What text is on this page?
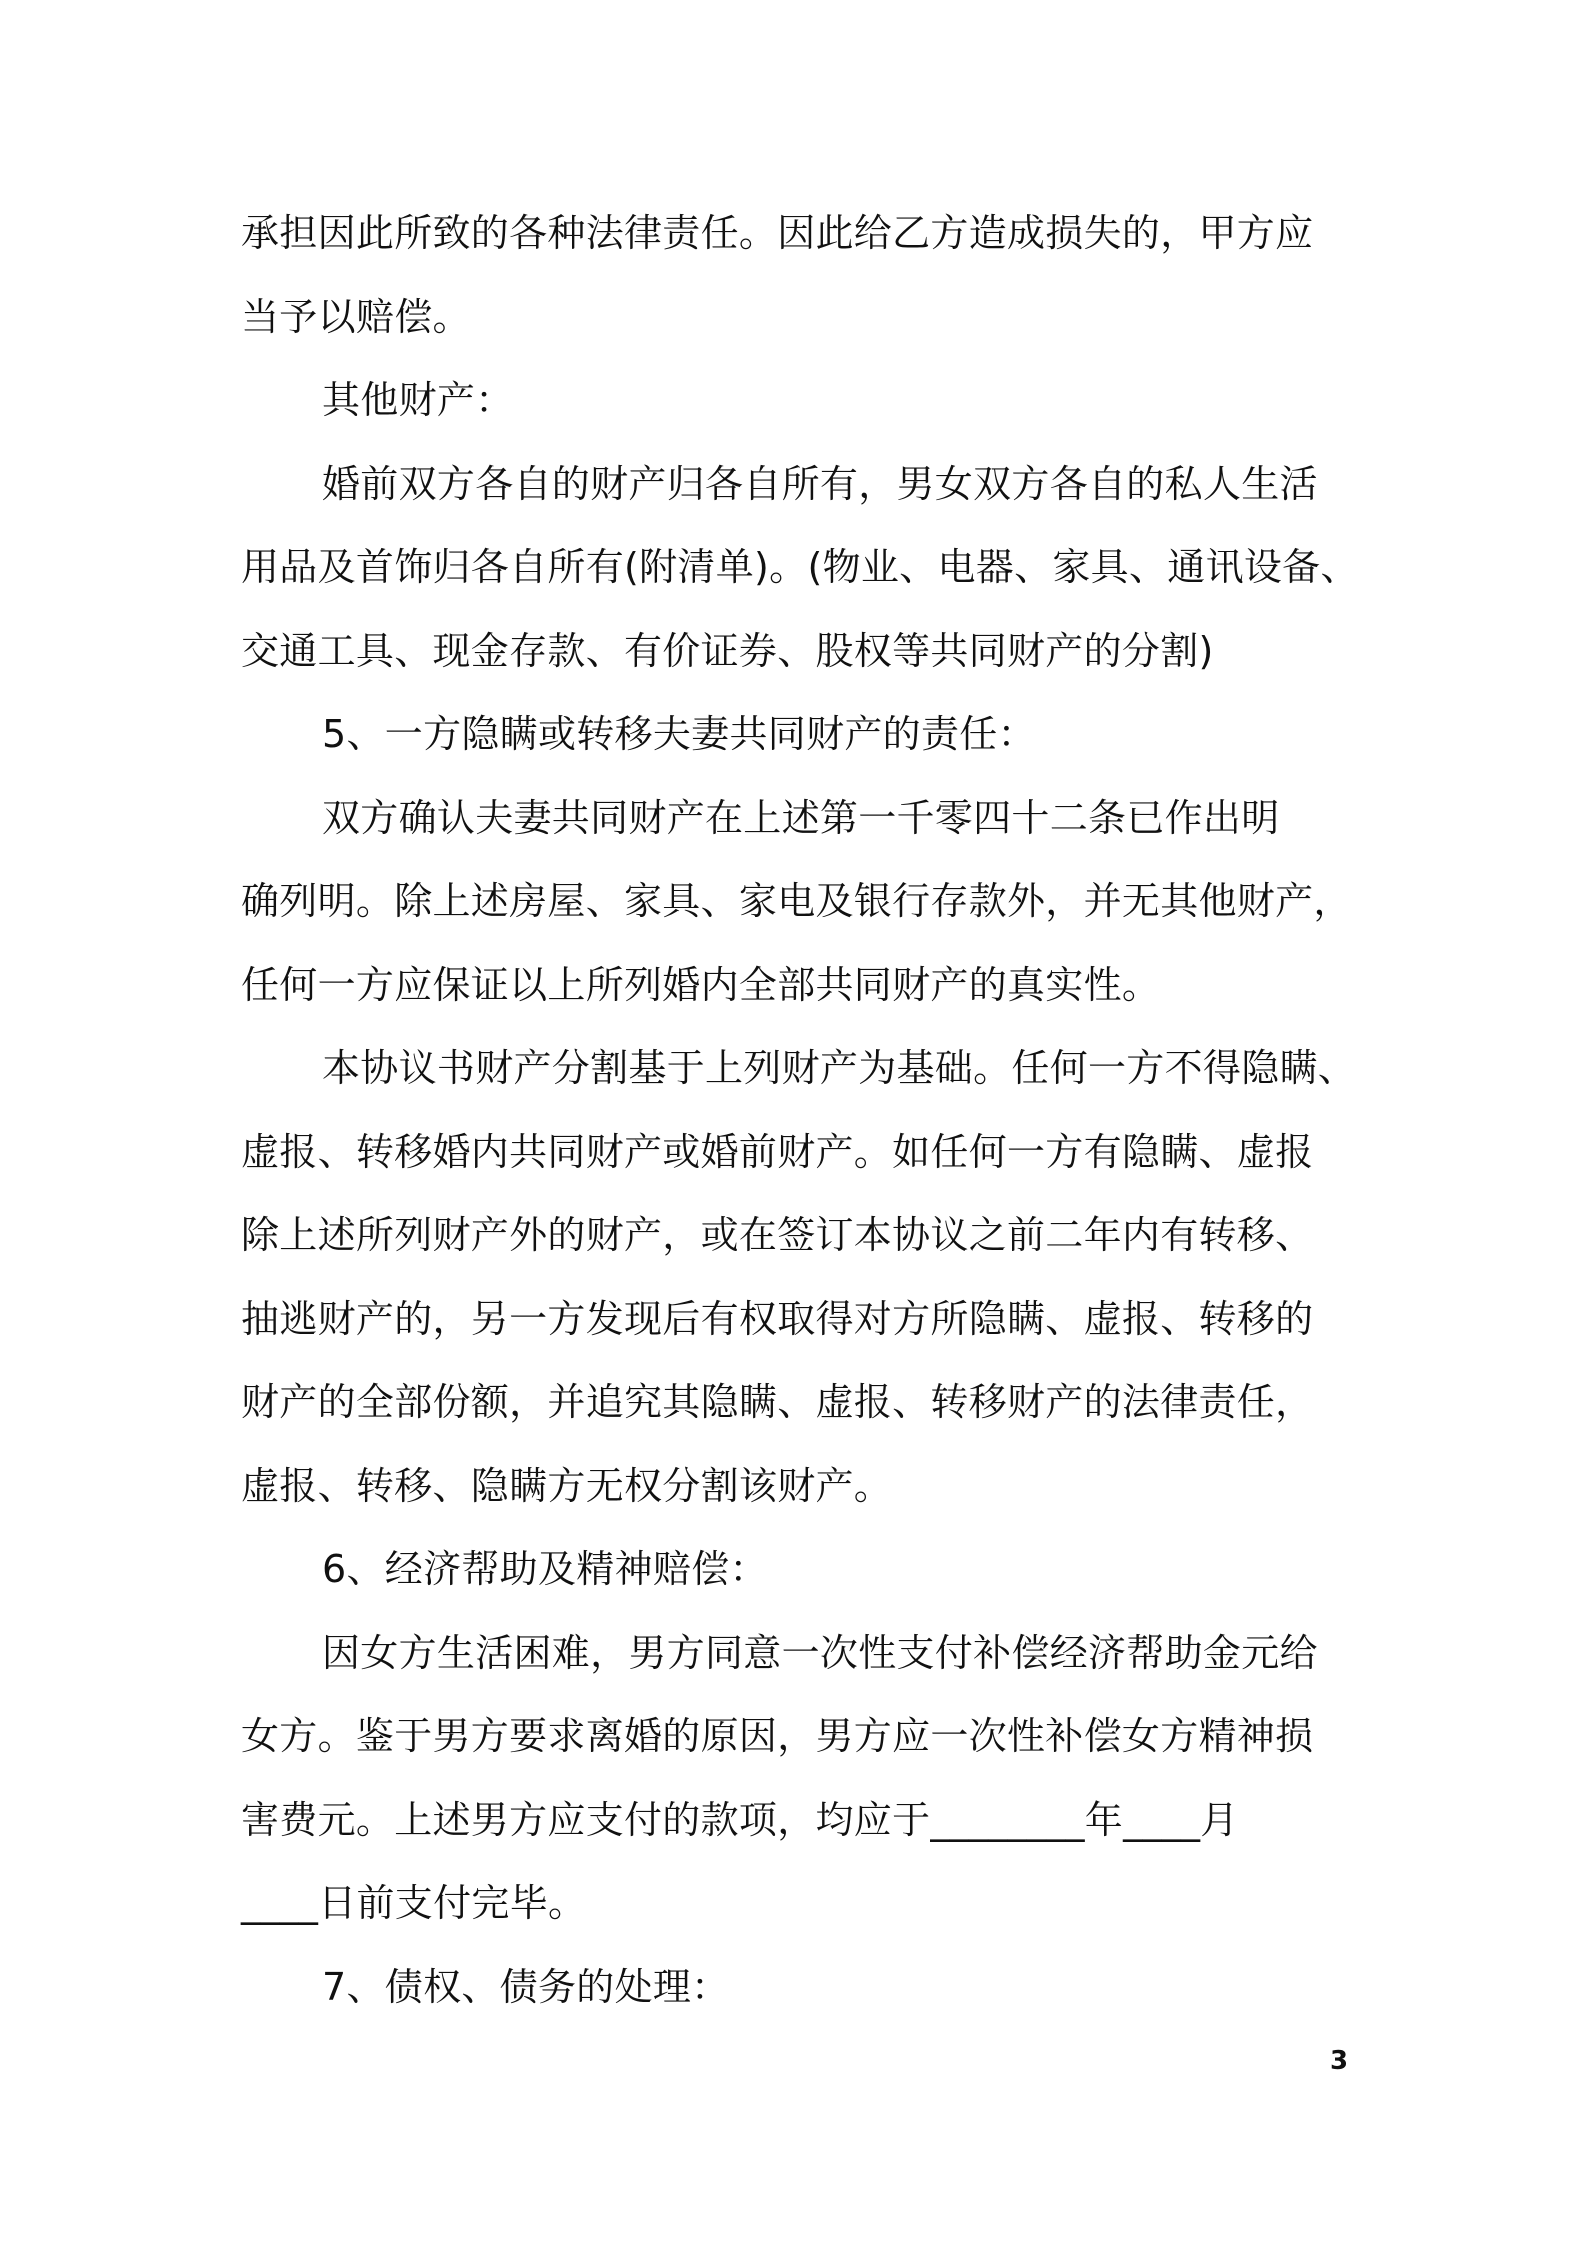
承担因此所致的各种法律责任。因此给乙方造成损失的，甲方应
当予以赔偿。

其他财产：

婚前双方各自的财产归各自所有，男女双方各自的私人生活
用品及首饰归各自所有(附清单)。(物业、电器、家具、通讯设备、
交通工具、现金存款、有价证券、股权等共同财产的分割)

5、一方隐瞒或转移夫妻共同财产的责任：

双方确认夫妻共同财产在上述第一千零四十二条已作出明
确列明。除上述房屋、家具、家电及银行存款外，并无其他财产，
任何一方应保证以上所列婚内全部共同财产的真实性。

本协议书财产分割基于上列财产为基础。任何一方不得隐瞒、
虚报、转移婚内共同财产或婚前财产。如任何一方有隐瞒、虚报
除上述所列财产外的财产，或在签订本协议之前二年内有转移、
抽逃财产的，另一方发现后有权取得对方所隐瞒、虚报、转移的
财产的全部份额，并追究其隐瞒、虚报、转移财产的法律责任，
虚报、转移、隐瞒方无权分割该财产。

6、经济帮助及精神赔偿：

因女方生活困难，男方同意一次性支付补偿经济帮助金元给
女方。鉴于男方要求离婚的原因，男方应一次性补偿女方精神损
害费元。上述男方应支付的款项，均应于________年____月
____日前支付完毕。

7、债权、债务的处理：

3
